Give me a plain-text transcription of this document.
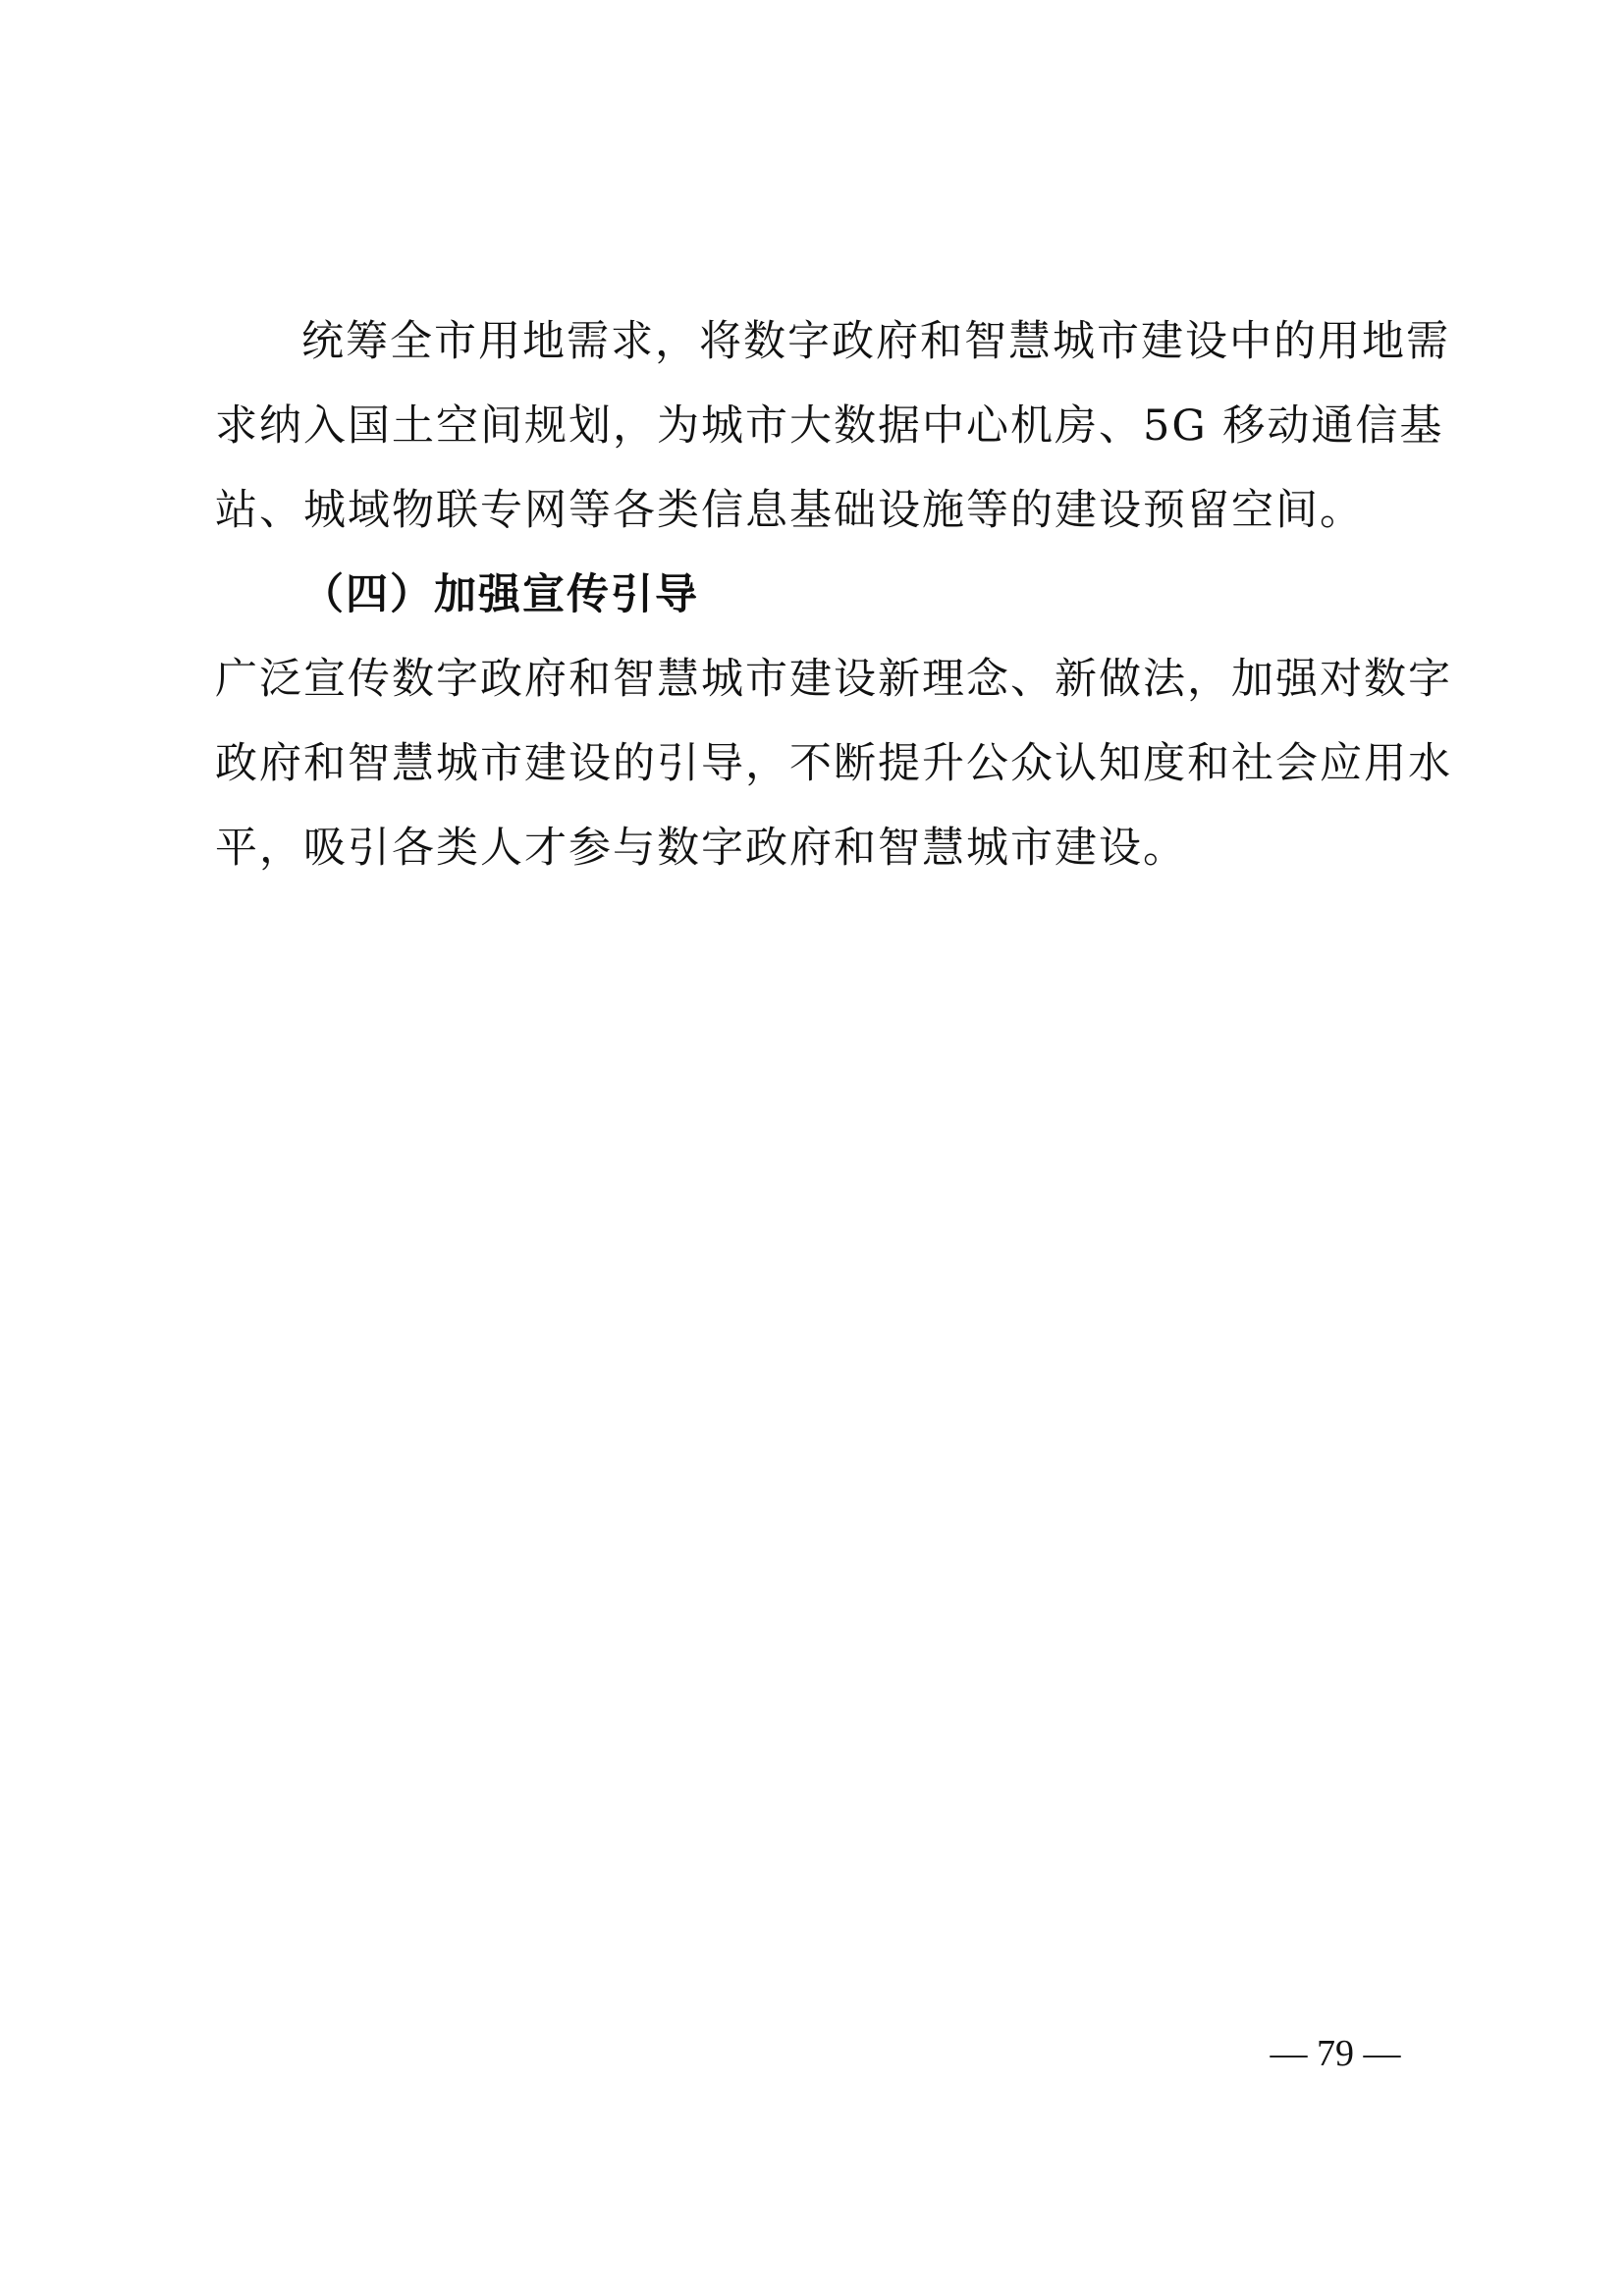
统筹全市用地需求，将数字政府和智慧城市建设中的用地需
求纳入国土空间规划，为城市大数据中心机房、5G 移动通信基
站、城域物联专网等各类信息基础设施等的建设预留空间。
（四）加强宣传引导
广泛宣传数字政府和智慧城市建设新理念、新做法，加强对数字
政府和智慧城市建设的引导，不断提升公众认知度和社会应用水
平，吸引各类人才参与数字政府和智慧城市建设。
— 79 —
